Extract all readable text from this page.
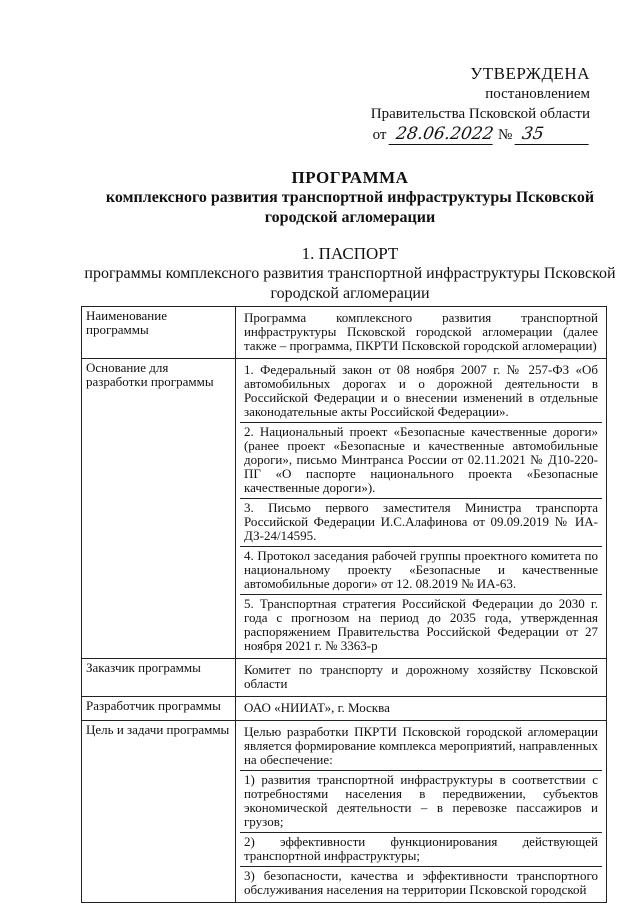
УТВЕРЖДЕНА
постановлением
Правительства Псковской области
от 28.06.2022 № 35
ПРОГРАММА
комплексного развития транспортной инфраструктуры Псковской городской агломерации
1. ПАСПОРТ
программы комплексного развития транспортной инфраструктуры Псковской городской агломерации
Наименование программы	Программа комплексного развития транспортной инфраструктуры Псковской городской агломерации (далее также – программа, ПКРТИ Псковской городской агломерации)

Основание для разработки программы	1. Федеральный закон от 08 ноября 2007 г. № 257-ФЗ «Об автомобильных дорогах и о дорожной деятельности в Российской Федерации и о внесении изменений в отдельные законодательные акты Российской Федерации».
2. Национальный проект «Безопасные качественные дороги» (ранее проект «Безопасные и качественные автомобильные дороги», письмо Минтранса России от 02.11.2021 № Д10-220-ПГ «О паспорте национального проекта «Безопасные качественные дороги»).
3. Письмо первого заместителя Министра транспорта Российской Федерации И.С.Алафинова от 09.09.2019 № ИА-ДЗ-24/14595.
4. Протокол заседания рабочей группы проектного комитета по национальному проекту «Безопасные и качественные автомобильные дороги» от 12. 08.2019 № ИА-63.
5. Транспортная стратегия Российской Федерации до 2030 г. года с прогнозом на период до 2035 года, утвержденная распоряжением Правительства Российской Федерации от 27 ноября 2021 г. № 3363-р

Заказчик программы	Комитет по транспорту и дорожному хозяйству Псковской области

Разработчик программы	ОАО «НИИАТ», г. Москва

Цель и задачи программы	Целью разработки ПКРТИ Псковской городской агломерации является формирование комплекса мероприятий, направленных на обеспечение:
1) развития транспортной инфраструктуры в соответствии с потребностями населения в передвижении, субъектов экономической деятельности – в перевозке пассажиров и грузов;
2) эффективности функционирования действующей транспортной инфраструктуры;
3) безопасности, качества и эффективности транспортного обслуживания населения на территории Псковской городской
